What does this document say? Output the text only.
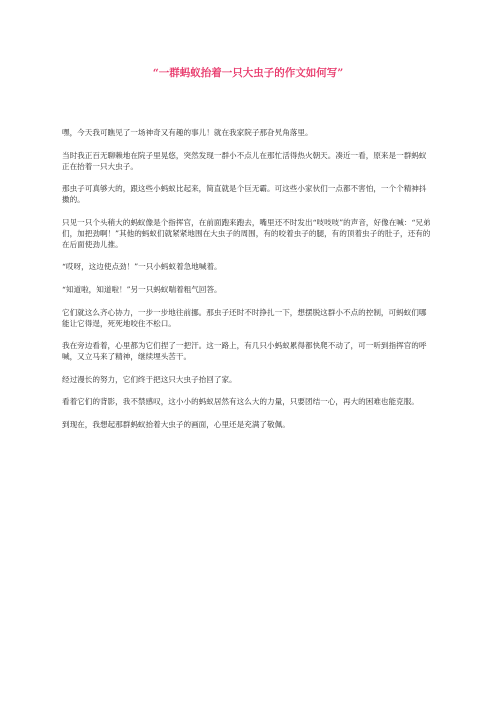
“一群蚂蚁抬着一只大虫子的作文如何写”

嘿，今天我可瞧见了一场神奇又有趣的事儿！就在我家院子那旮旯角落里。

当时我正百无聊赖地在院子里晃悠，突然发现一群小不点儿在那忙活得热火朝天。凑近一看，原来是一群蚂蚁正在抬着一只大虫子。

那虫子可真够大的，跟这些小蚂蚁比起来，简直就是个巨无霸。可这些小家伙们一点都不害怕，一个个精神抖擞的。

只见一只个头稍大的蚂蚁像是个指挥官，在前面跑来跑去，嘴里还不时发出“吱吱吱”的声音，好像在喊：“兄弟们，加把劲啊！”其他的蚂蚁们就紧紧地围在大虫子的周围，有的咬着虫子的腿，有的顶着虫子的肚子，还有的在后面使劲儿推。

“哎呀，这边使点劲！”一只小蚂蚁着急地喊着。

“知道啦，知道啦！”另一只蚂蚁喘着粗气回答。

它们就这么齐心协力，一步一步地往前挪。那虫子还时不时挣扎一下，想摆脱这群小不点的控制，可蚂蚁们哪能让它得逞，死死地咬住不松口。

我在旁边看着，心里都为它们捏了一把汗。这一路上，有几只小蚂蚁累得都快爬不动了，可一听到指挥官的呼喊，又立马来了精神，继续埋头苦干。

经过漫长的努力，它们终于把这只大虫子抬回了家。

看着它们的背影，我不禁感叹，这小小的蚂蚁居然有这么大的力量，只要团结一心，再大的困难也能克服。

到现在，我想起那群蚂蚁抬着大虫子的画面，心里还是充满了敬佩。
